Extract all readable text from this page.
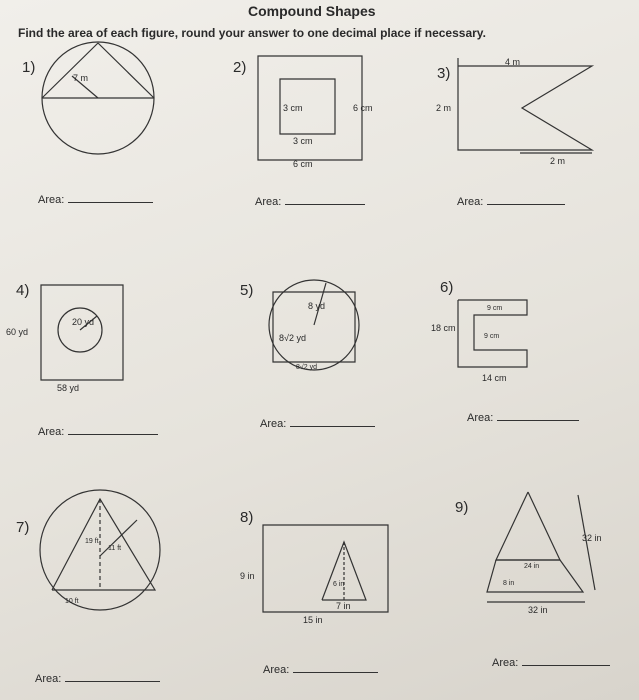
Compound Shapes
Find the area of each figure, round your answer to one decimal place if necessary.
1)	2)	3)
4)	5)	6)
7)
8)
9)
7 m
3 cm
3 cm
6 cm
6 cm
4 m
2 m
2 m
20 yd
60 yd
58 yd
8 yd
8√2 yd
8√2 yd
9 cm
18 cm
9 cm
14 cm
19 ft
11 ft
10 ft
9 in
6 in
7 in
15 in
32 in
24 in
8 in
32 in
Area:	Area:	Area:
Area:
Area:	Area:
Area:
Area:
Area:
